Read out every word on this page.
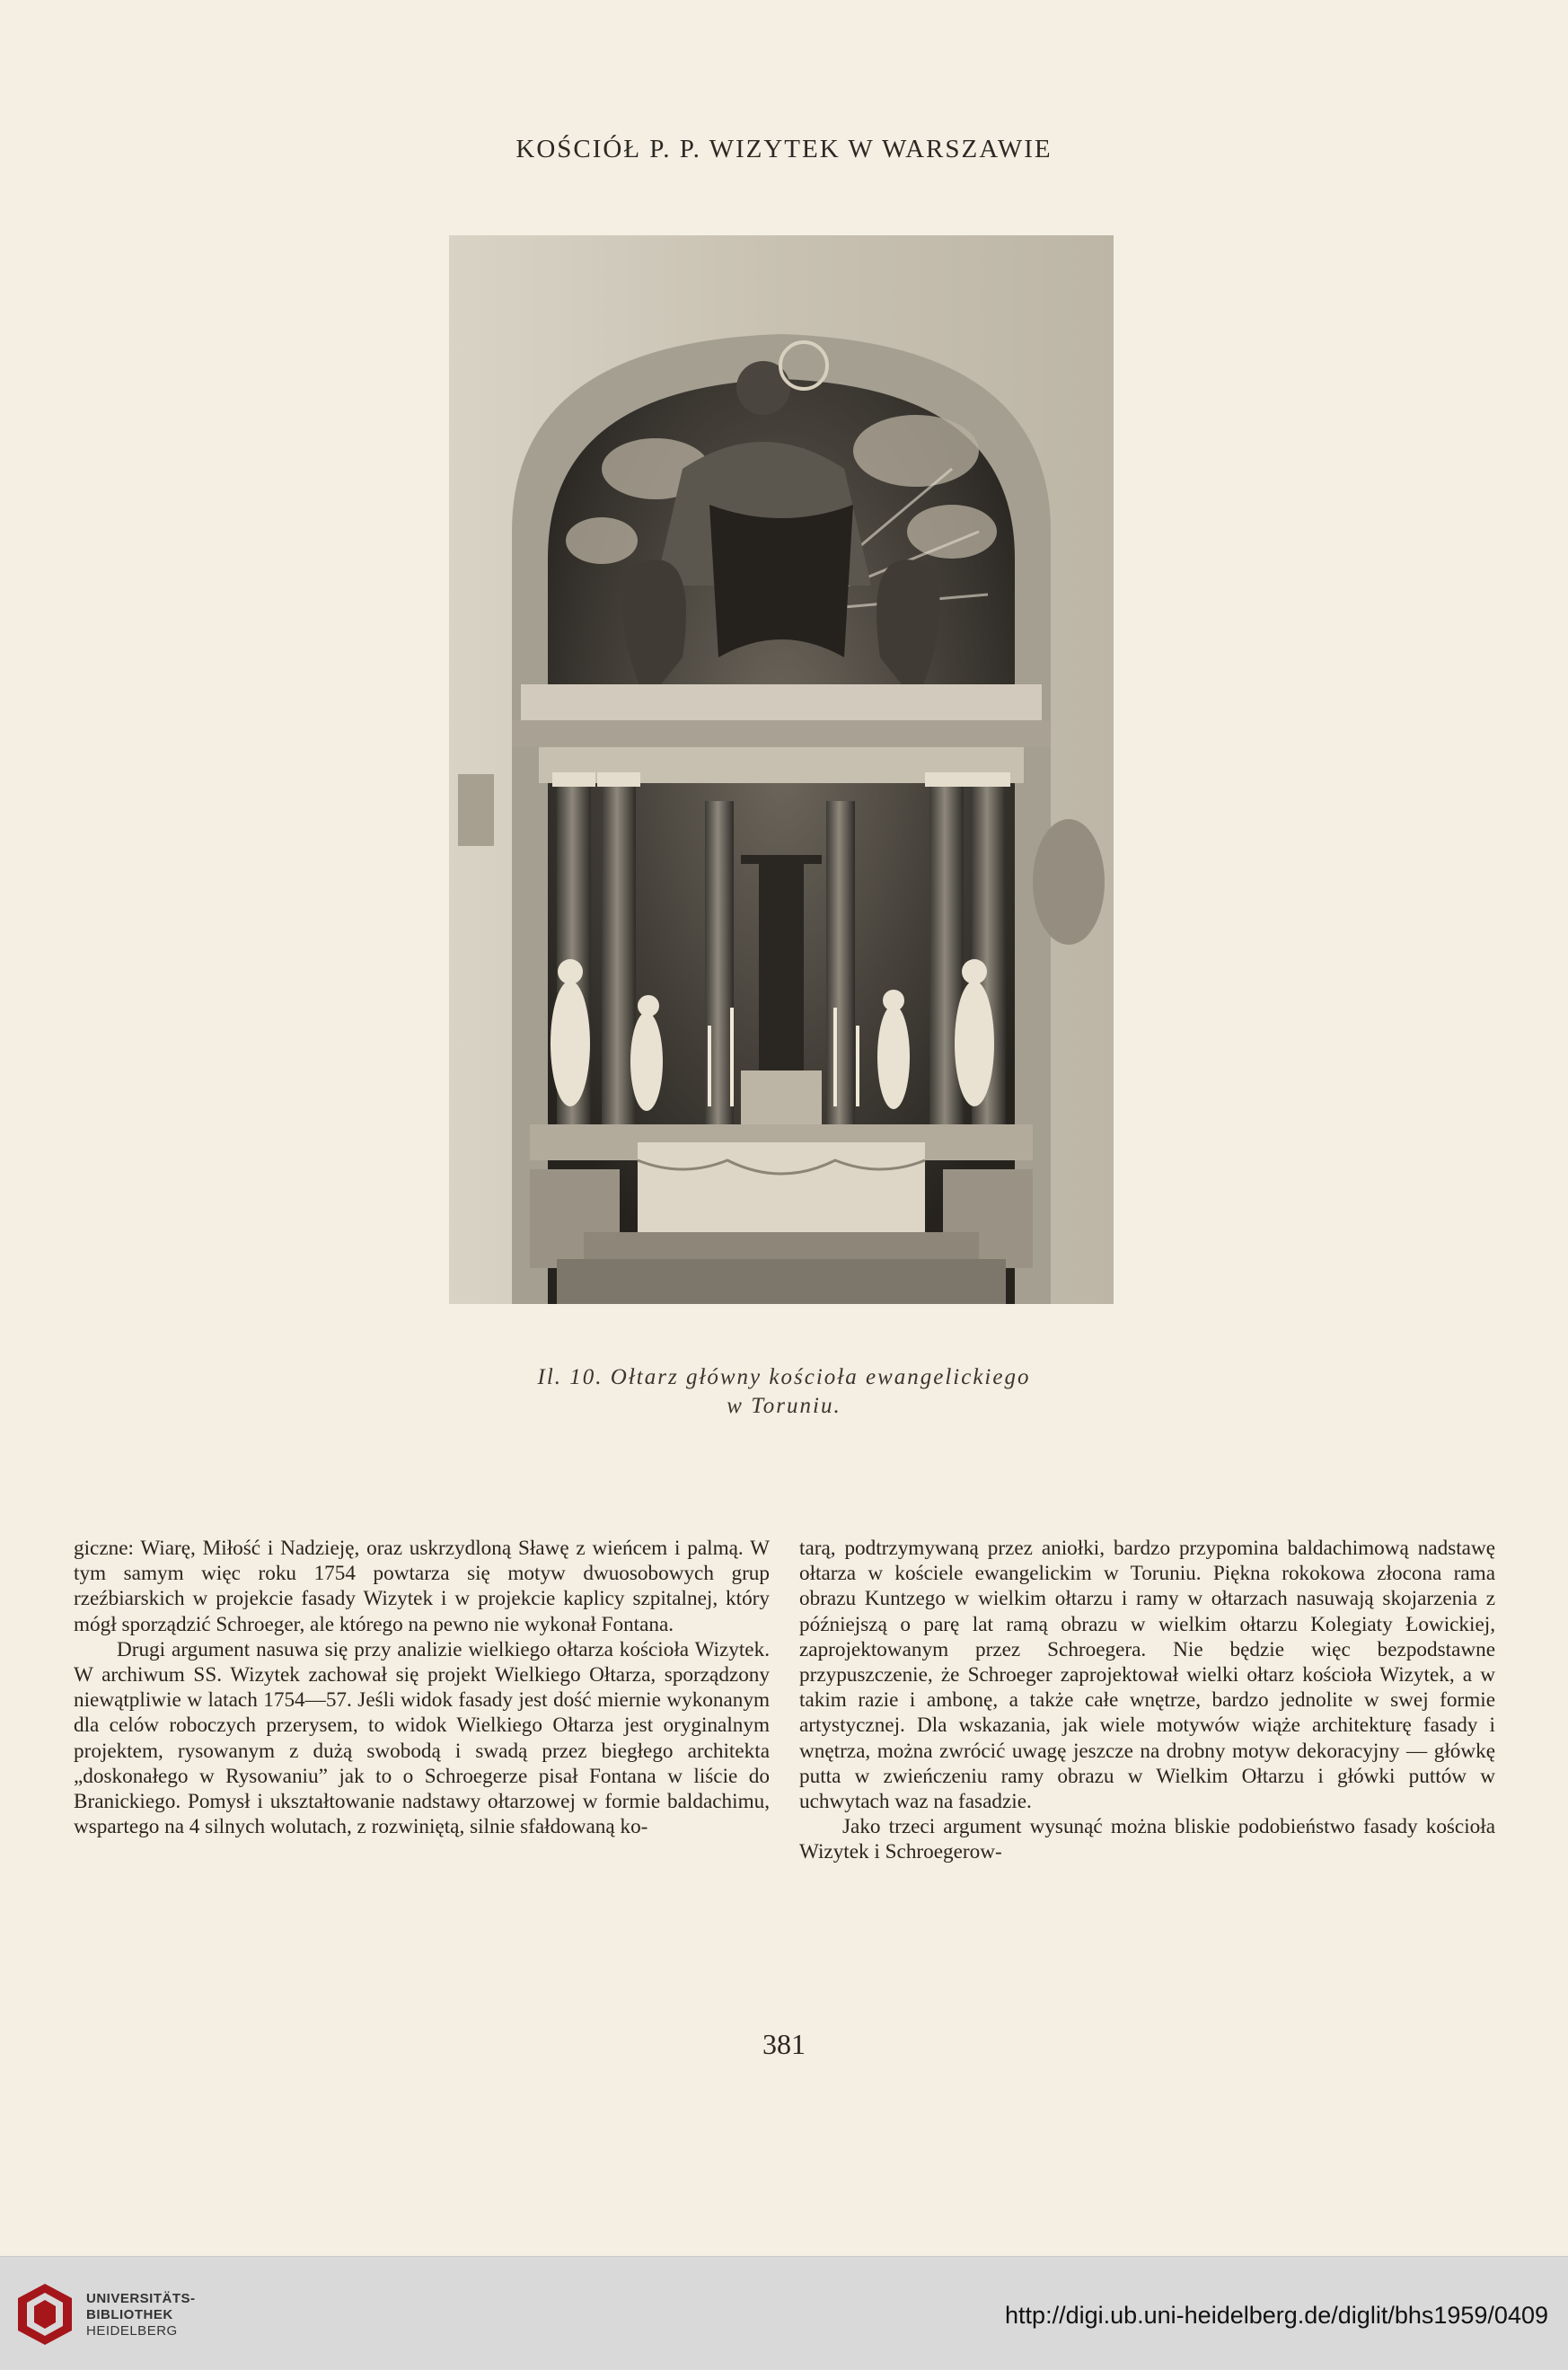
KOŚCIÓŁ P. P. WIZYTEK W WARSZAWIE
Il. 10. Ołtarz główny kościoła ewangelickiego
w Toruniu.

giczne: Wiarę, Miłość i Nadzieję, oraz uskrzydloną Sławę z wieńcem i palmą. W tym samym więc roku 1754 powtarza się motyw dwuosobowych grup rzeźbiarskich w projekcie fasady Wizytek i w projekcie kaplicy szpitalnej, który mógł sporządzić Schroeger, ale którego na pewno nie wykonał Fontana.

Drugi argument nasuwa się przy analizie wielkiego ołtarza kościoła Wizytek. W archiwum SS. Wizytek zachował się projekt Wielkiego Ołtarza, sporządzony niewątpliwie w latach 1754—57. Jeśli widok fasady jest dość miernie wykonanym dla celów roboczych przerysem, to widok Wielkiego Ołtarza jest oryginalnym projektem, rysowanym z dużą swobodą i swadą przez biegłego architekta „doskonałego w Rysowaniu” jak to o Schroegerze pisał Fontana w liście do Branickiego. Pomysł i ukształtowanie nadstawy ołtarzowej w formie baldachimu, wspartego na 4 silnych wolutach, z rozwiniętą, silnie sfałdowaną ko-

tarą, podtrzymywaną przez aniołki, bardzo przypomina baldachimową nadstawę ołtarza w kościele ewangelickim w Toruniu. Piękna rokokowa złocona rama obrazu Kuntzego w wielkim ołtarzu i ramy w ołtarzach nasuwają skojarzenia z późniejszą o parę lat ramą obrazu w wielkim ołtarzu Kolegiaty Łowickiej, zaprojektowanym przez Schroegera. Nie będzie więc bezpodstawne przypuszczenie, że Schroeger zaprojektował wielki ołtarz kościoła Wizytek, a w takim razie i ambonę, a także całe wnętrze, bardzo jednolite w swej formie artystycznej. Dla wskazania, jak wiele motywów wiąże architekturę fasady i wnętrza, można zwrócić uwagę jeszcze na drobny motyw dekoracyjny — główkę putta w zwieńczeniu ramy obrazu w Wielkim Ołtarzu i główki puttów w uchwytach waz na fasadzie.

Jako trzeci argument wysunąć można bliskie podobieństwo fasady kościoła Wizytek i Schroegerow-

381
UNIVERSITÄTS-
BIBLIOTHEK
HEIDELBERG
http://digi.ub.uni-heidelberg.de/diglit/bhs1959/0409
